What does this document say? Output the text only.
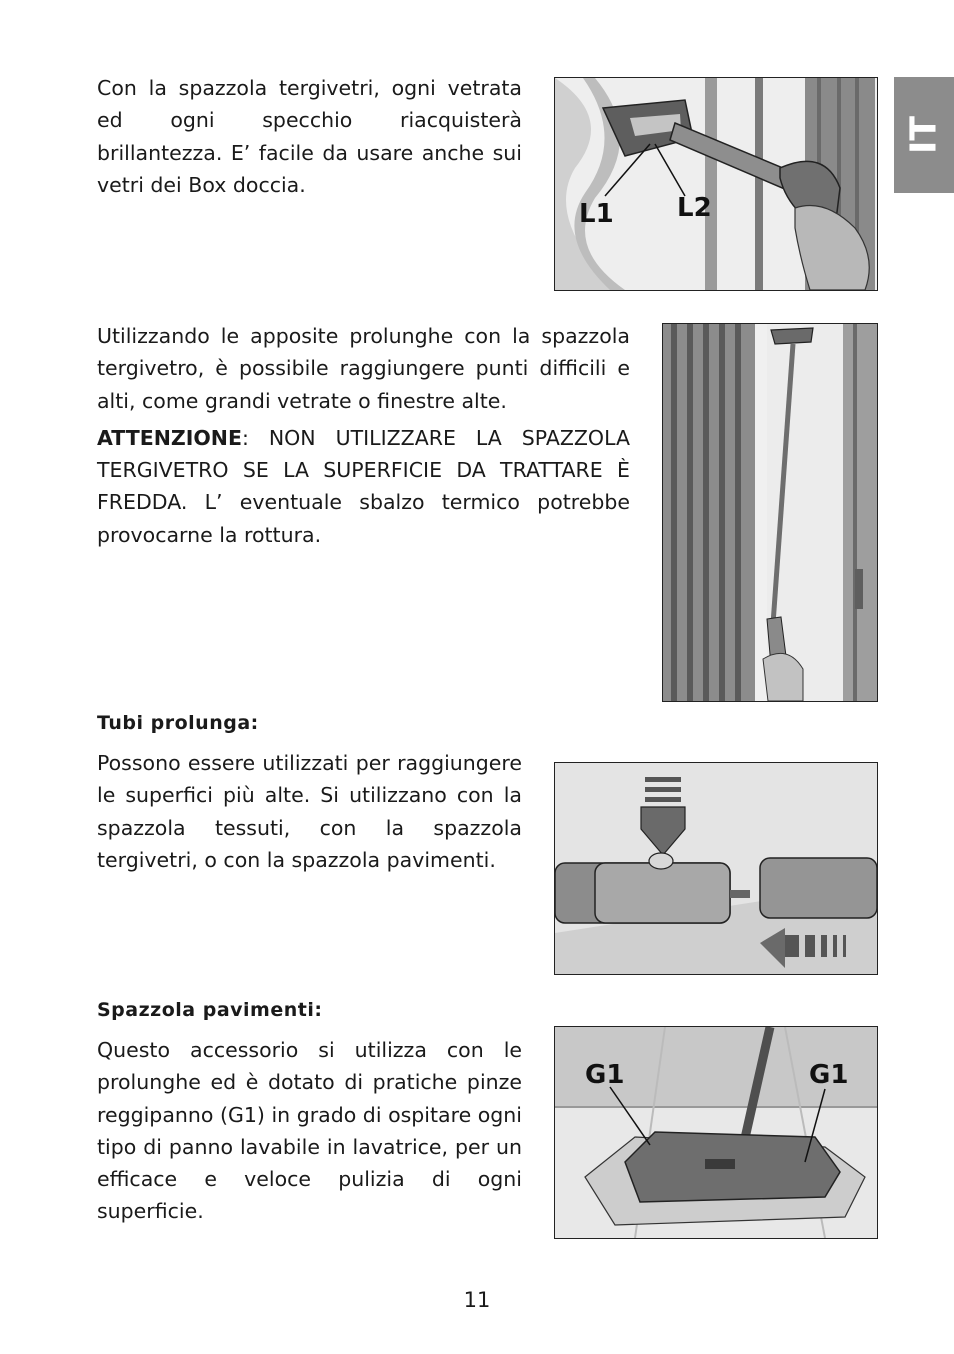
IT

Con la spazzola tergivetri, ogni vetrata ed ogni specchio riacquisterà brillantezza. E’ facile da usare anche sui vetri dei Box doccia.

L1 L2

Utilizzando le apposite prolunghe con la spazzola tergivetro, è possibile raggiungere punti difficili e alti, come grandi vetrate o finestre alte.

ATTENZIONE: NON UTILIZZARE LA SPAZZOLA TERGIVETRO SE LA SUPERFICIE DA TRATTARE È FREDDA. L’ eventuale sbalzo termico potrebbe provocarne la rottura.

Tubi prolunga:

Possono essere utilizzati per raggiungere le superfici più alte. Si utilizzano con la spazzola tessuti, con la spazzola tergivetri, o con la spazzola pavimenti.

Spazzola pavimenti:

Questo accessorio si utilizza con le prolunghe ed è dotato di pratiche pinze reggipanno (G1) in grado di ospitare ogni tipo di panno lavabile in lavatrice, per un efficace e veloce pulizia di ogni superficie.

G1	G1
11
